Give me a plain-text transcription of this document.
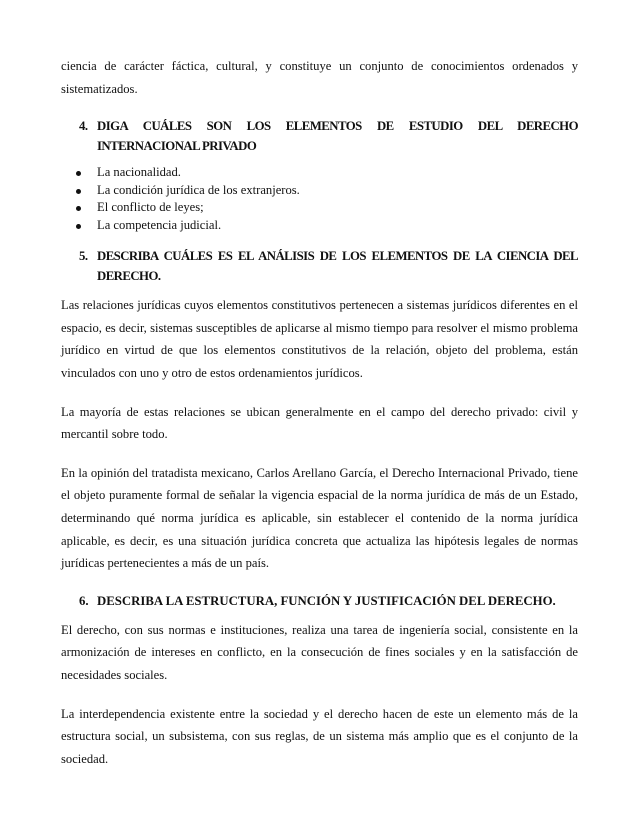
ciencia de carácter fáctica, cultural, y constituye un conjunto de conocimientos ordenados y sistematizados.

4. DIGA CUÁLES SON LOS ELEMENTOS DE ESTUDIO DEL DERECHO INTERNACIONAL PRIVADO
La nacionalidad.
La condición jurídica de los extranjeros.
El conflicto de leyes;
La competencia judicial.
5. DESCRIBA CUÁLES ES EL ANÁLISIS DE LOS ELEMENTOS DE LA CIENCIA DEL DERECHO.

Las relaciones jurídicas cuyos elementos constitutivos pertenecen a sistemas jurídicos diferentes en el espacio, es decir, sistemas susceptibles de aplicarse al mismo tiempo para resolver el mismo problema jurídico en virtud de que los elementos constitutivos de la relación, objeto del problema, están vinculados con uno y otro de estos ordenamientos jurídicos.

La mayoría de estas relaciones se ubican generalmente en el campo del derecho privado: civil y mercantil sobre todo.

En la opinión del tratadista mexicano, Carlos Arellano García, el Derecho Internacional Privado, tiene el objeto puramente formal de señalar la vigencia espacial de la norma jurídica de más de un Estado, determinando qué norma jurídica es aplicable, sin establecer el contenido de la norma jurídica aplicable, es decir, es una situación jurídica concreta que actualiza las hipótesis legales de normas jurídicas pertenecientes a más de un país.

6. DESCRIBA LA ESTRUCTURA, FUNCIÓN Y JUSTIFICACIÓN DEL DERECHO.

El derecho, con sus normas e instituciones, realiza una tarea de ingeniería social, consistente en la armonización de intereses en conflicto, en la consecución de fines sociales y en la satisfacción de necesidades sociales.

La interdependencia existente entre la sociedad y el derecho hacen de este un elemento más de la estructura social, un subsistema, con sus reglas, de un sistema más amplio que es el conjunto de la sociedad.
